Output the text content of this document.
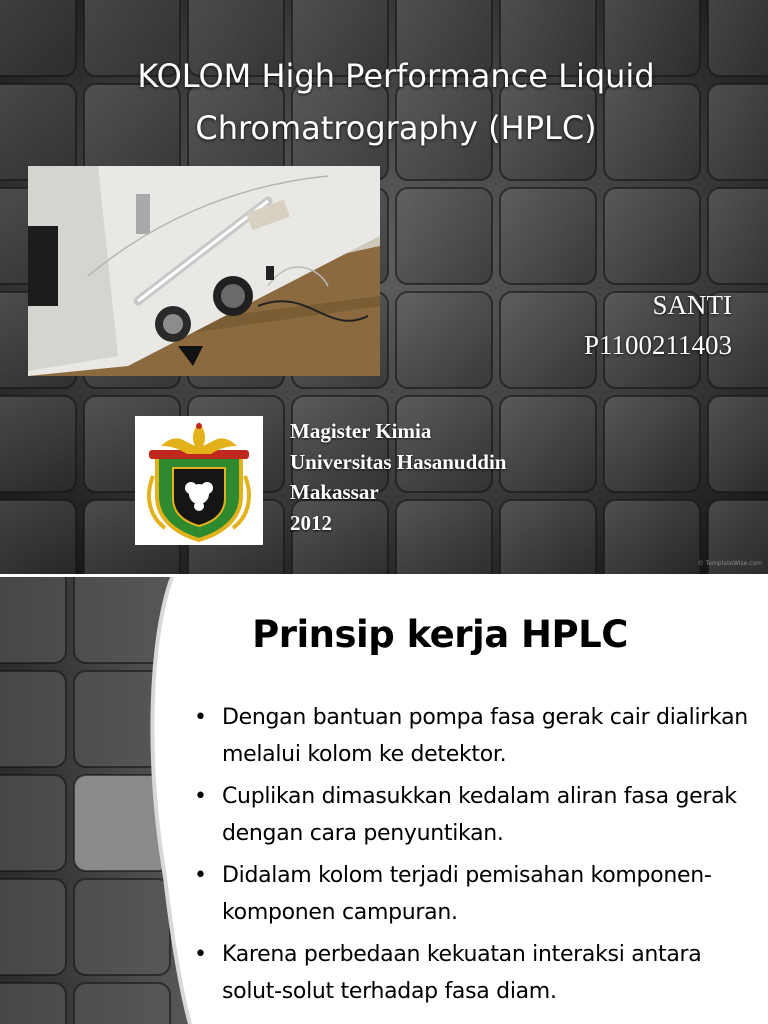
KOLOM High Performance Liquid Chromatrography (HPLC)
SANTI
P1100211403
Magister Kimia
Universitas Hasanuddin
Makassar
2012
© TemplateWise.com
Prinsip kerja HPLC
• Dengan bantuan pompa fasa gerak cair dialirkan melalui kolom ke detektor.
• Cuplikan dimasukkan kedalam aliran fasa gerak dengan cara penyuntikan.
• Didalam kolom terjadi pemisahan komponen-komponen campuran.
• Karena perbedaan kekuatan interaksi antara solut-solut terhadap fasa diam.
